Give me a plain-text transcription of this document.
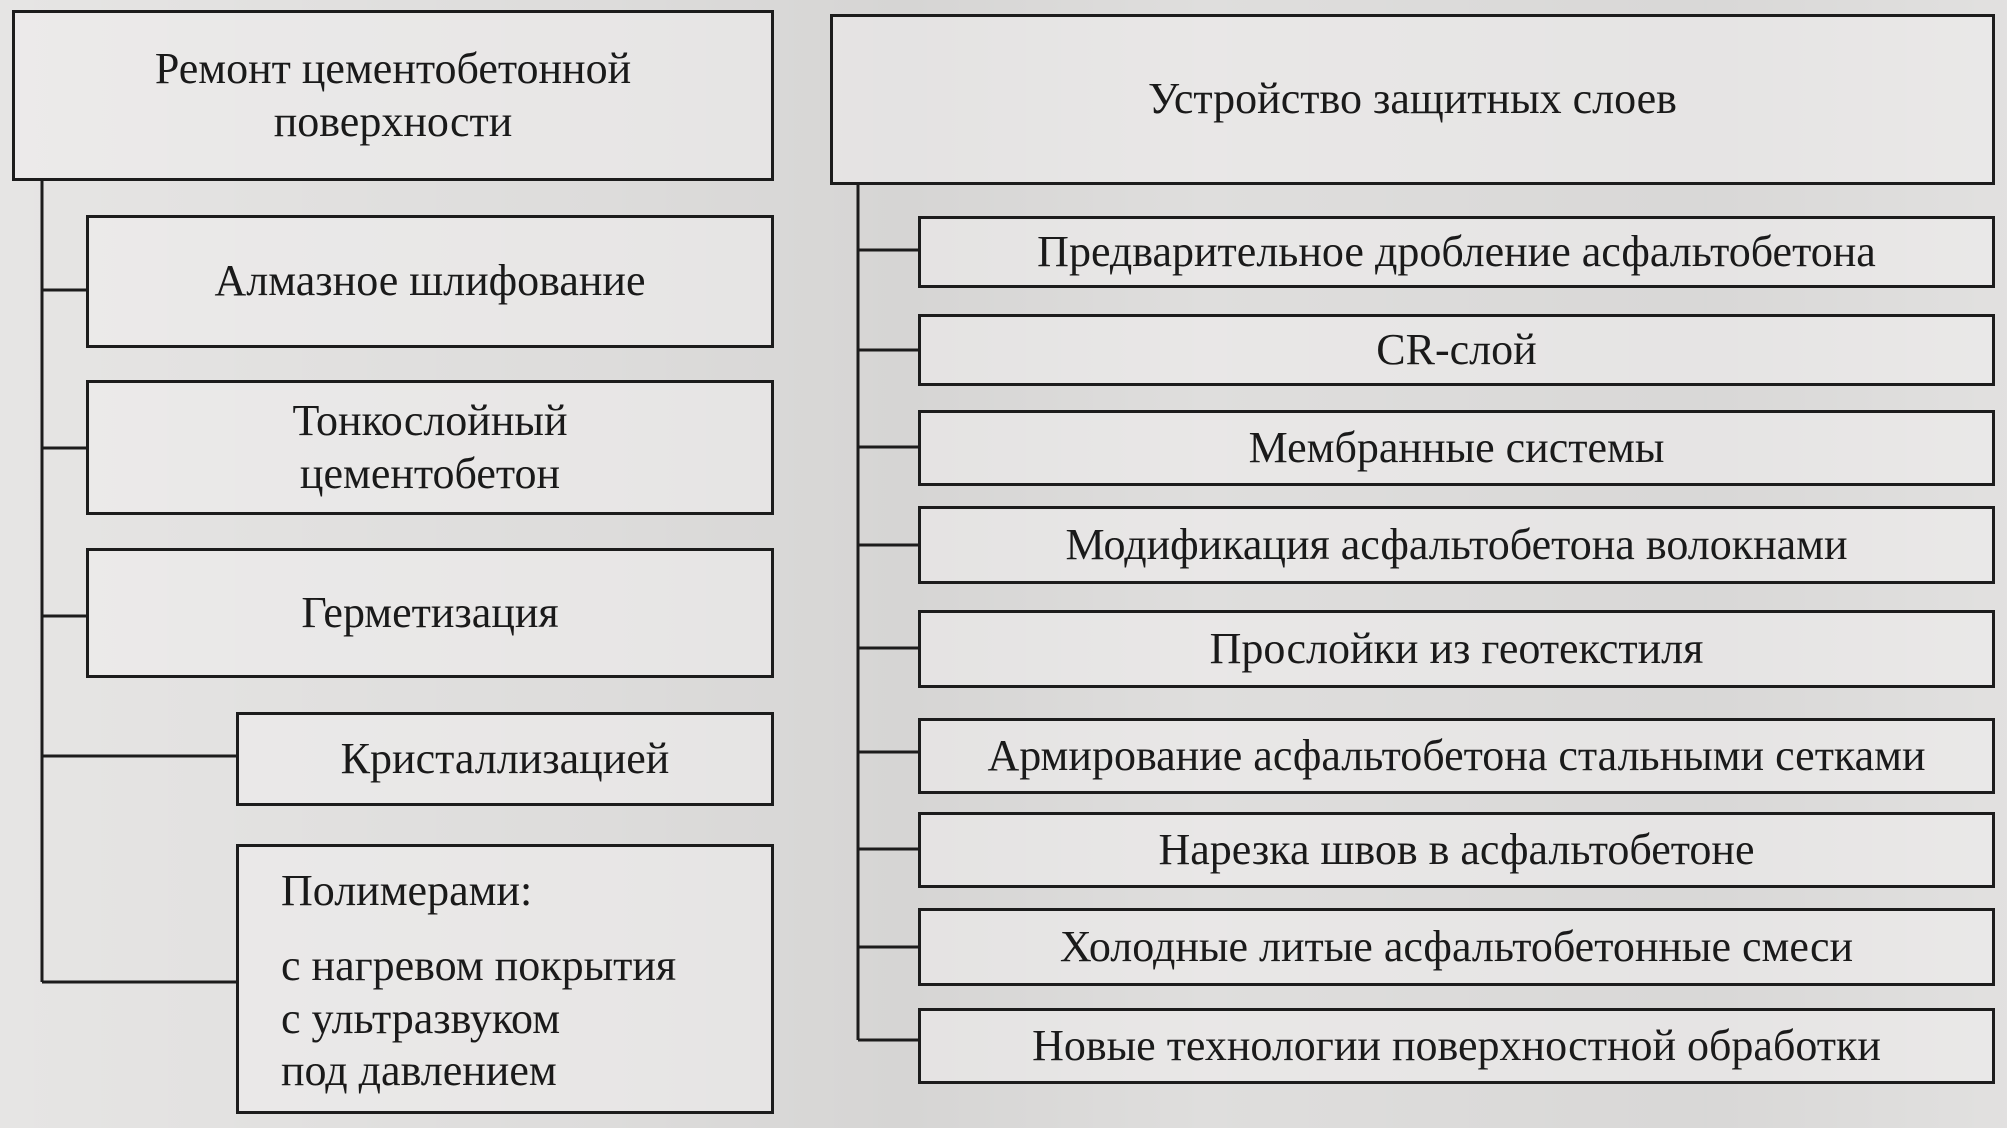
Ремонт цементобетонной
поверхности
Алмазное шлифование
Тонкослойный
цементобетон
Герметизация
Кристаллизацией
Полимерами:
с нагревом покрытия
с ультразвуком
под давлением
Устройство защитных слоев
Предварительное дробление асфальтобетона
CR-слой
Мембранные системы
Модификация асфальтобетона волокнами
Прослойки из геотекстиля
Армирование асфальтобетона стальными сетками
Нарезка швов в асфальтобетоне
Холодные литые асфальтобетонные смеси
Новые технологии поверхностной обработки
